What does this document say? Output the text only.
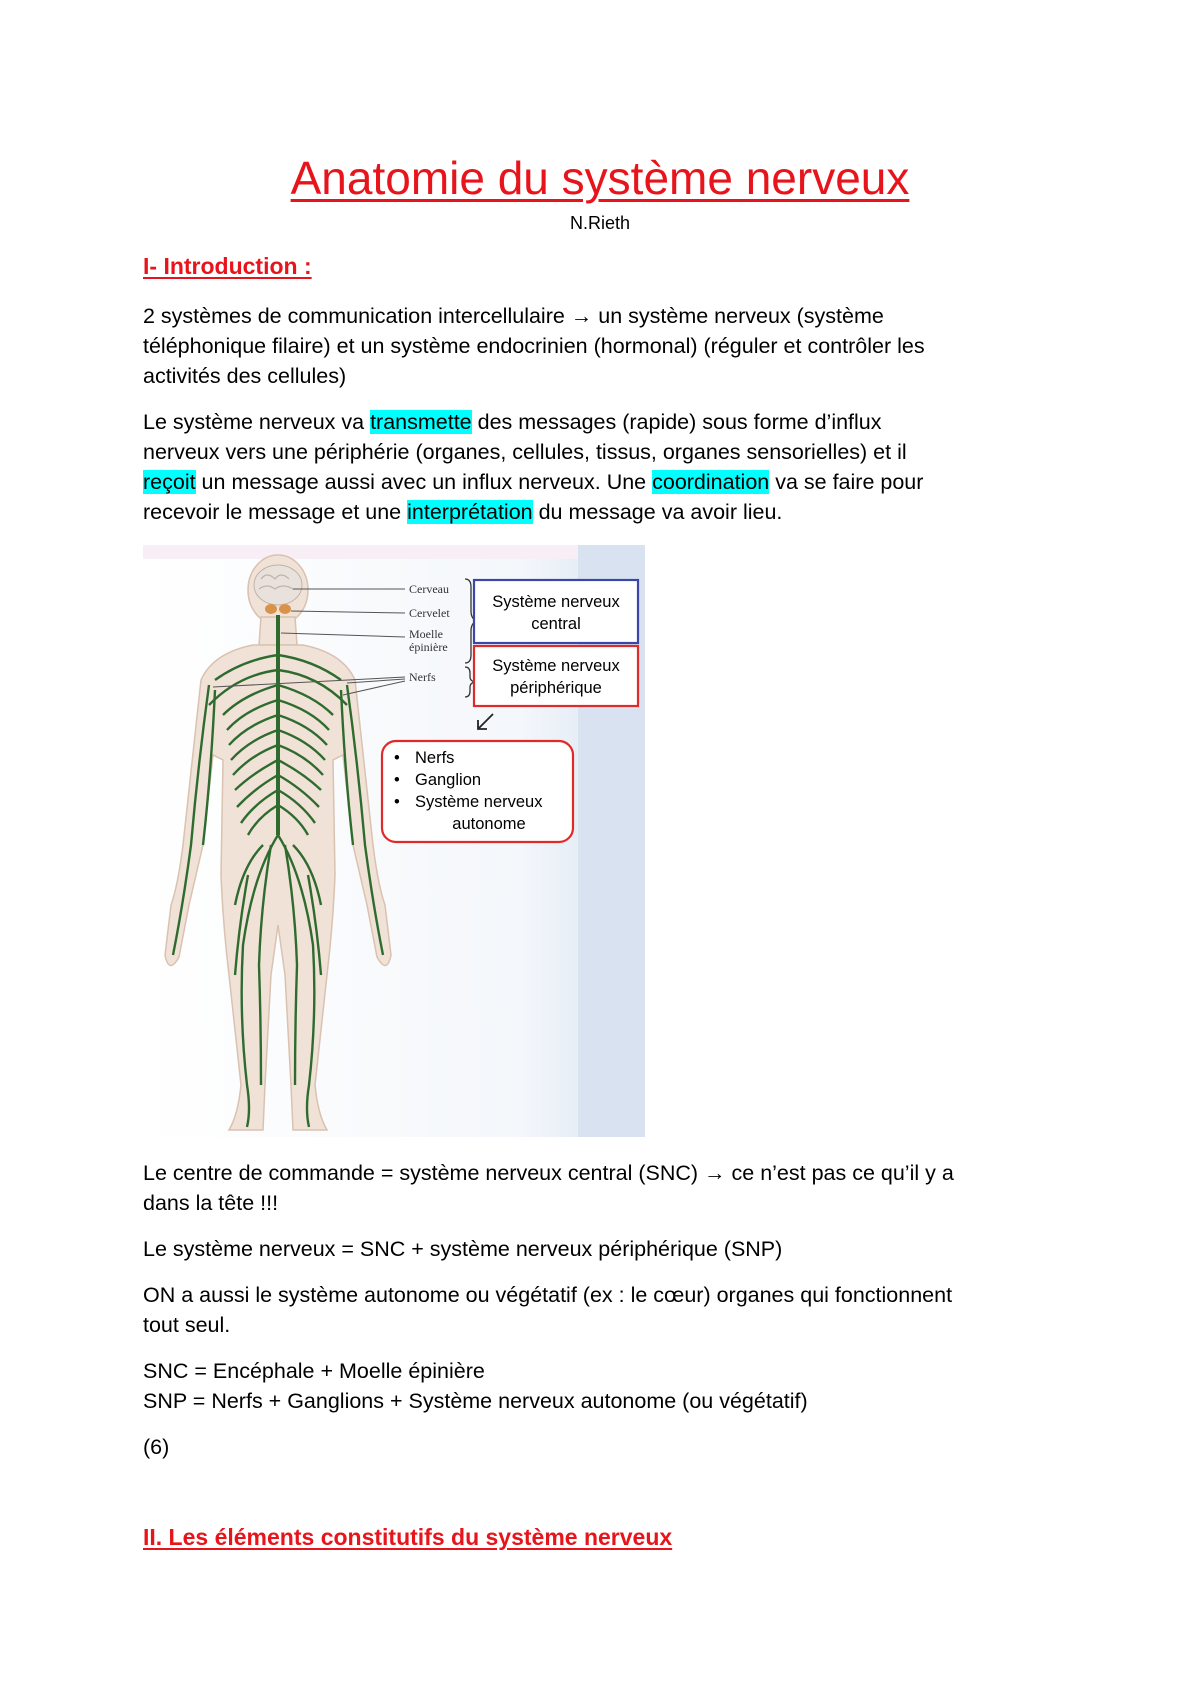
Anatomie du système nerveux
N.Rieth
I- Introduction :
2 systèmes de communication intercellulaire → un système nerveux (système
téléphonique filaire) et un système endocrinien (hormonal) (réguler et contrôler les
activités des cellules)
Le système nerveux va transmette des messages (rapide) sous forme d’influx
nerveux vers une périphérie (organes, cellules, tissus, organes sensorielles) et il
reçoit un message aussi avec un influx nerveux. Une coordination va se faire pour
recevoir le message et une interprétation du message va avoir lieu.
Cerveau
Cervelet
Moelle
épinière
Nerfs
Système nerveux
central
Système nerveux
périphérique
• Nerfs
• Ganglion
• Système nerveux
autonome
Le centre de commande = système nerveux central (SNC) → ce n’est pas ce qu’il y a
dans la tête !!!
Le système nerveux = SNC + système nerveux périphérique (SNP)
ON a aussi le système autonome ou végétatif (ex : le cœur) organes qui fonctionnent
tout seul.
SNC = Encéphale + Moelle épinière
SNP = Nerfs + Ganglions + Système nerveux autonome (ou végétatif)
(6)
II. Les éléments constitutifs du système nerveux
